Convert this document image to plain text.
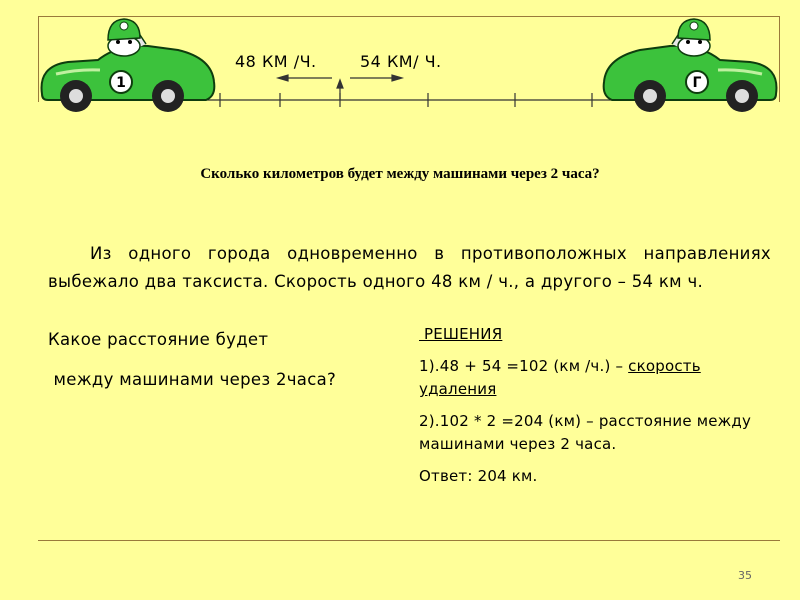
48 КМ /Ч.	54 КМ/ Ч.
1	Г
Сколько километров будет между машинами через 2 часа?
Из одного города одновременно в противоположных направлениях выбежало два таксиста. Скорость одного 48 км / ч., а другого – 54 км ч.
Какое расстояние будет
между машинами через 2часа?
РЕШЕНИЯ
1).48 + 54 =102 (км /ч.) – скорость удаления
2).102 * 2 =204 (км) – расстояние между машинами через 2 часа.
Ответ: 204 км.
35
